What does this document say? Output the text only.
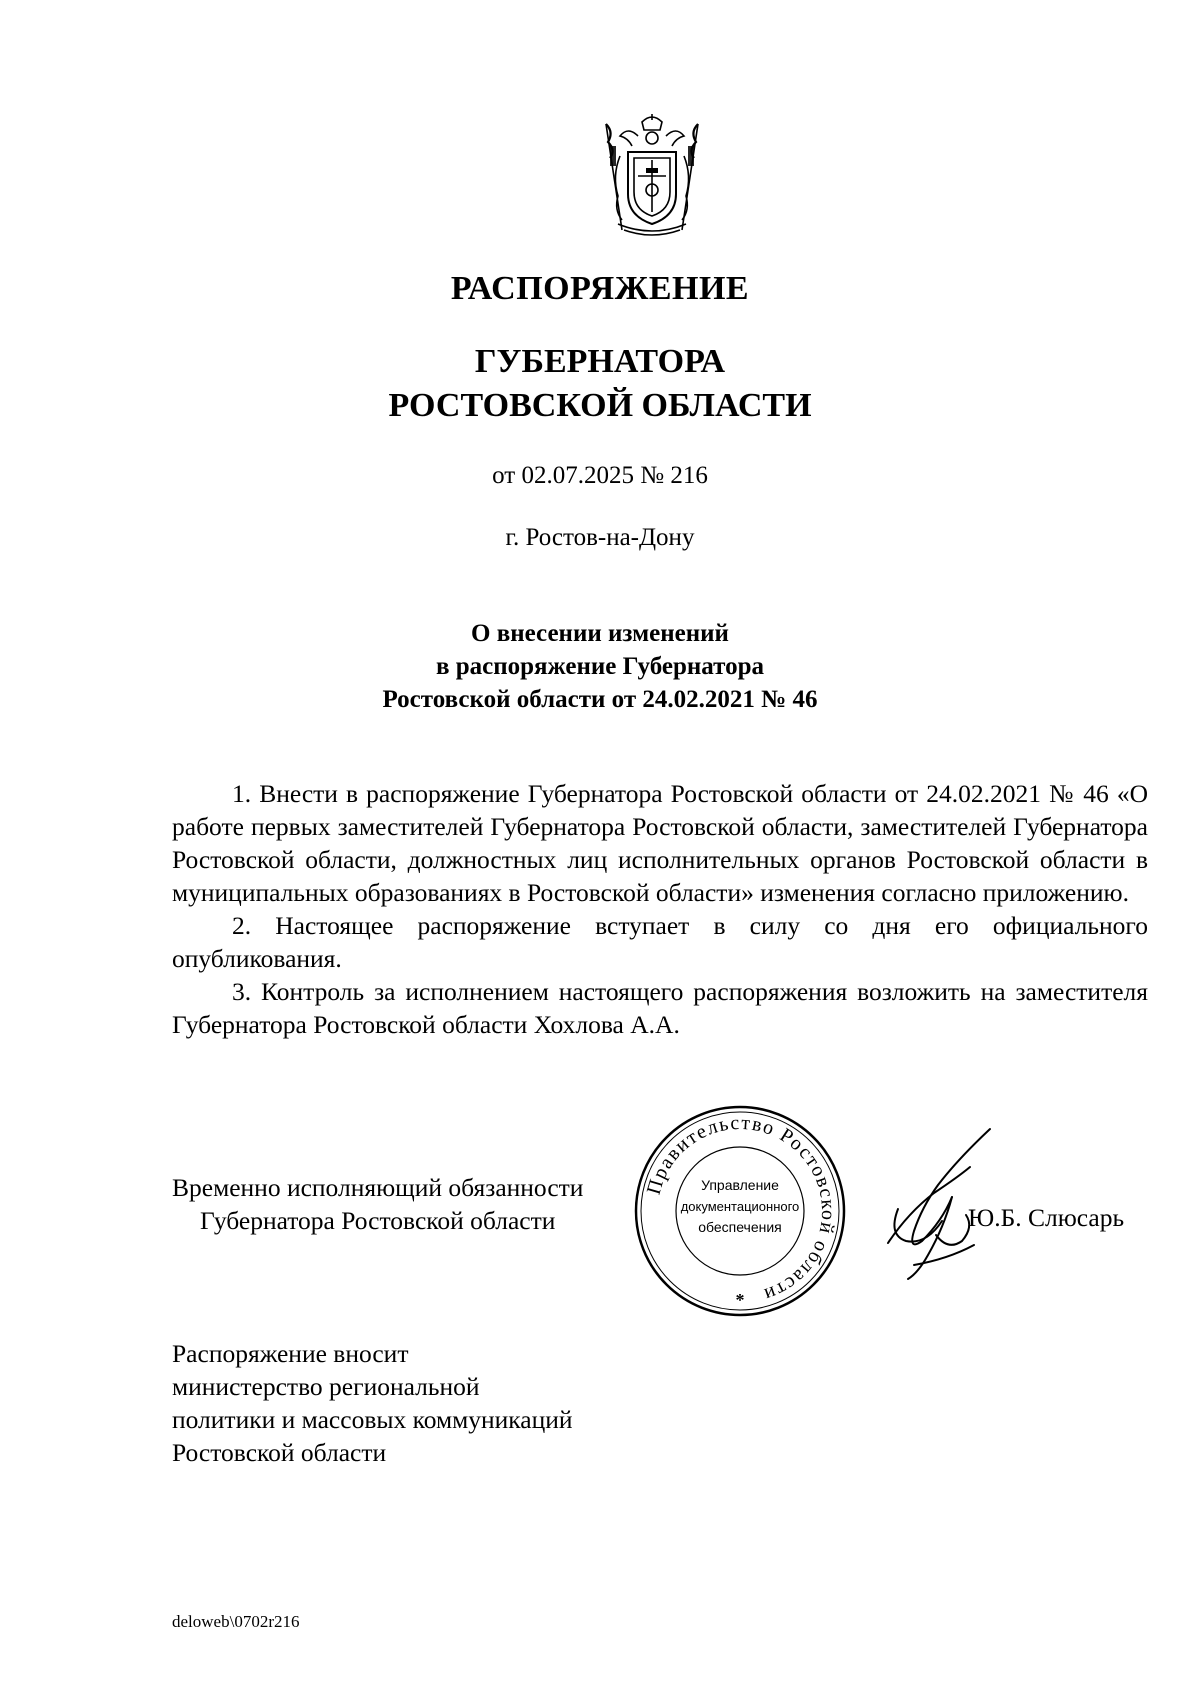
РАСПОРЯЖЕНИЕ
ГУБЕРНАТОРА
РОСТОВСКОЙ ОБЛАСТИ
от 02.07.2025 № 216
г. Ростов-на-Дону
О внесении изменений
в распоряжение Губернатора
Ростовской области от 24.02.2021 № 46

1. Внести в распоряжение Губернатора Ростовской области от 24.02.2021 № 46 «О работе первых заместителей Губернатора Ростовской области, заместителей Губернатора Ростовской области, должностных лиц исполнительных органов Ростовской области в муниципальных образованиях в Ростовской области» изменения согласно приложению.

2. Настоящее распоряжение вступает в силу со дня его официального опубликования.

3. Контроль за исполнением настоящего распоряжения возложить на заместителя Губернатора Ростовской области Хохлова А.А.

Временно исполняющий обязанности
Губернатора Ростовской области
Правительство Ростовской области
Управление
документационного
обеспечения
*
Ю.Б. Слюсарь
Распоряжение вносит
министерство региональной
политики и массовых коммуникаций
Ростовской области
deloweb\0702r216
